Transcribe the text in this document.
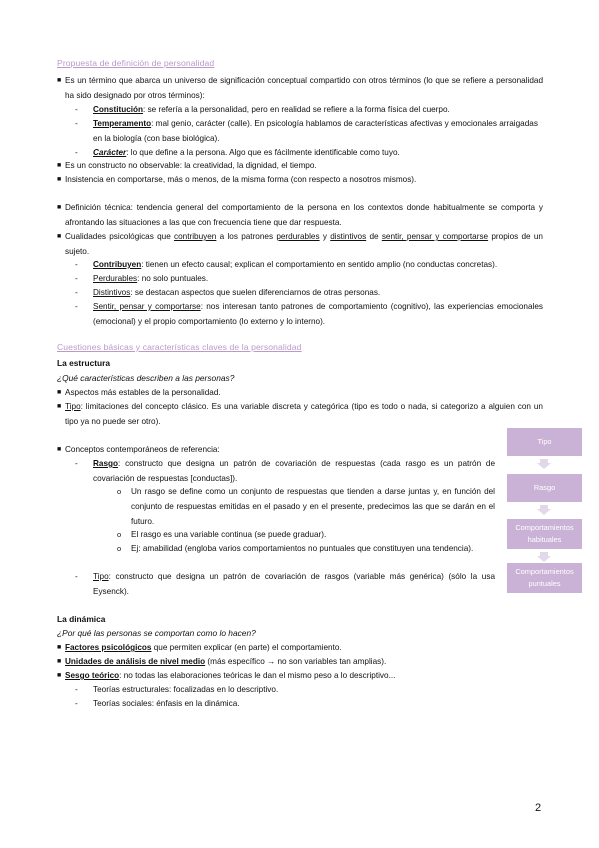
Propuesta de definición de personalidad
■ Es un término que abarca un universo de significación conceptual compartido con otros términos (lo que se refiere a personalidad ha sido designado por otros términos):
-	Constitución: se refería a la personalidad, pero en realidad se refiere a la forma física del cuerpo.
-	Temperamento: mal genio, carácter (calle). En psicología hablamos de características afectivas y emocionales arraigadas en la biología (con base biológica).
-	Carácter: lo que define a la persona. Algo que es fácilmente identificable como tuyo.
■ Es un constructo no observable: la creatividad, la dignidad, el tiempo.
■ Insistencia en comportarse, más o menos, de la misma forma (con respecto a nosotros mismos).
■ Definición técnica: tendencia general del comportamiento de la persona en los contextos donde habitualmente se comporta y afrontando las situaciones a las que con frecuencia tiene que dar respuesta.
■ Cualidades psicológicas que contribuyen a los patrones perdurables y distintivos de sentir, pensar y comportarse propios de un sujeto.
-	Contribuyen: tienen un efecto causal; explican el comportamiento en sentido amplio (no conductas concretas).
-	Perdurables: no solo puntuales.
-	Distintivos: se destacan aspectos que suelen diferenciarnos de otras personas.
-	Sentir, pensar y comportarse: nos interesan tanto patrones de comportamiento (cognitivo), las experiencias emocionales (emocional) y el propio comportamiento (lo externo y lo interno).
Cuestiones básicas y características claves de la personalidad
La estructura
¿Qué características describen a las personas?
■ Aspectos más estables de la personalidad.
■ Tipo: limitaciones del concepto clásico. Es una variable discreta y categórica (tipo es todo o nada, si categorizo a alguien con un tipo ya no puede ser otro).
■ Conceptos contemporáneos de referencia:
-	Rasgo: constructo que designa un patrón de covariación de respuestas (cada rasgo es un patrón de covariación de respuestas [conductas]).
o	Un rasgo se define como un conjunto de respuestas que tienden a darse juntas y, en función del conjunto de respuestas emitidas en el pasado y en el presente, predecimos las que se darán en el futuro.
o	El rasgo es una variable continua (se puede graduar).
o	Ej: amabilidad (engloba varios comportamientos no puntuales que constituyen una tendencia).
-	Tipo: constructo que designa un patrón de covariación de rasgos (variable más genérica) (sólo la usa Eysenck).
La dinámica
¿Por qué las personas se comportan como lo hacen?
■ Factores psicológicos que permiten explicar (en parte) el comportamiento.
■ Unidades de análisis de nivel medio (más específico → no son variables tan amplias).
■ Sesgo teórico: no todas las elaboraciones teóricas le dan el mismo peso a lo descriptivo...
-	Teorías estructurales: focalizadas en lo descriptivo.
-	Teorías sociales: énfasis en la dinámica.
Tipo
Rasgo
Comportamientos habituales
Comportamientos puntuales
2
